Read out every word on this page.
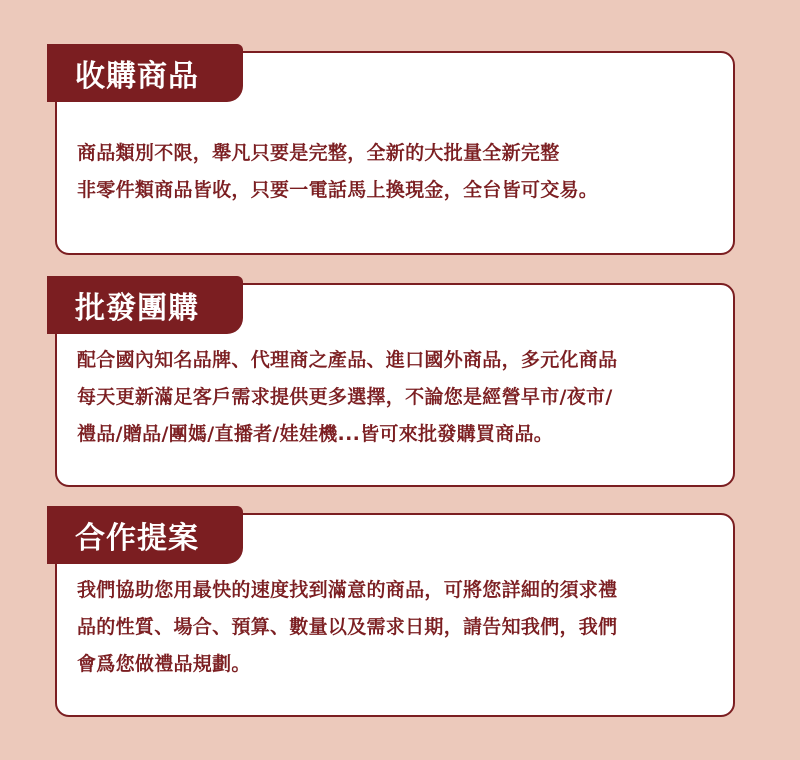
商品類別不限，舉凡只要是完整，全新的大批量全新完整
非零件類商品皆收，只要一電話馬上換現金，全台皆可交易。
收購商品
配合國內知名品牌、代理商之產品、進口國外商品，多元化商品
每天更新滿足客戶需求提供更多選擇，不論您是經營早市/夜市/
禮品/贈品/團媽/直播者/娃娃機...皆可來批發購買商品。
批發團購
我們協助您用最快的速度找到滿意的商品，可將您詳細的須求禮
品的性質、場合、預算、數量以及需求日期，請告知我們，我們
會爲您做禮品規劃。
合作提案
